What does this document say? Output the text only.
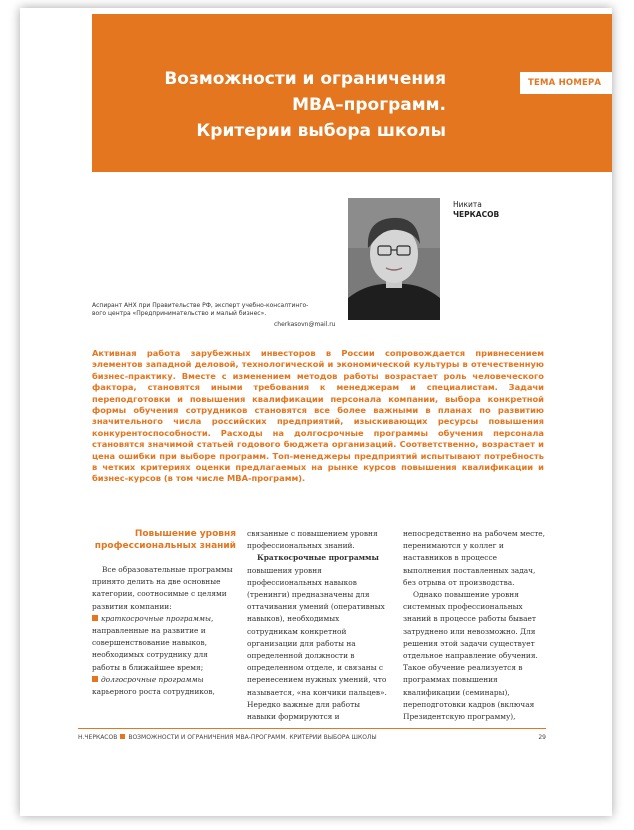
Возможности и ограничения
МВА–программ.
Критерии выбора школы
ТЕМА НОМЕРА
Никита
ЧЕРКАСОВ
Аспирант АНХ при Правительстве РФ, эксперт учебно-консалтинго-
вого центра «Предпринимательство и малый бизнес».
cherkasovn@mail.ru
Активная работа зарубежных инвесторов в России сопровождается привнесением элементов западной деловой, технологической и экономической культуры в отечественную бизнес-практику. Вместе с изменением методов работы возрастает роль человеческого фактора, становятся иными требования к менеджерам и специалистам. Задачи переподготовки и повышения квалификации персонала компании, выбора конкретной формы обучения сотрудников становятся все более важными в планах по развитию значительного числа российских предприятий, изыскивающих ресурсы повышения конкурентоспособности. Расходы на долгосрочные программы обучения персонала становятся значимой статьей годового бюджета организаций. Соответственно, возрастает и цена ошибки при выборе программ. Топ-менеджеры предприятий испытывают потребность в четких критериях оценки предлагаемых на рынке курсов повышения квалификации и бизнес-курсов (в том числе МВА-программ).

Повышение уровня профессиональных знаний

Все образовательные программы принято делить на две основные категории, соотносимые с целями развития компании:

краткосрочные программы, направленные на развитие и совершенствование навыков, необходимых сотруднику для работы в ближайшее время;

долгосрочные программы карьерного роста сотрудников,

связанные с повышением уровня профессиональных знаний.

Краткосрочные программы повышения уровня профессиональных навыков (тренинги) предназначены для оттачивания умений (оперативных навыков), необходимых сотрудникам конкретной организации для работы на определенной должности в определенном отделе, и связаны с перенесением нужных умений, что называется, «на кончики пальцев». Нередко важные для работы навыки формируются и

непосредственно на рабочем месте, перенимаются у коллег и наставников в процессе выполнения поставленных задач, без отрыва от производства.

Однако повышение уровня системных профессиональных знаний в процессе работы бывает затруднено или невозможно. Для решения этой задачи существует отдельное направление обучения. Такое обучение реализуется в программах повышения квалификации (семинары), переподготовки кадров (включая Президентскую программу),

Н.ЧЕРКАСОВ ВОЗМОЖНОСТИ И ОГРАНИЧЕНИЯ МВА-ПРОГРАММ. КРИТЕРИИ ВЫБОРА ШКОЛЫ	29
